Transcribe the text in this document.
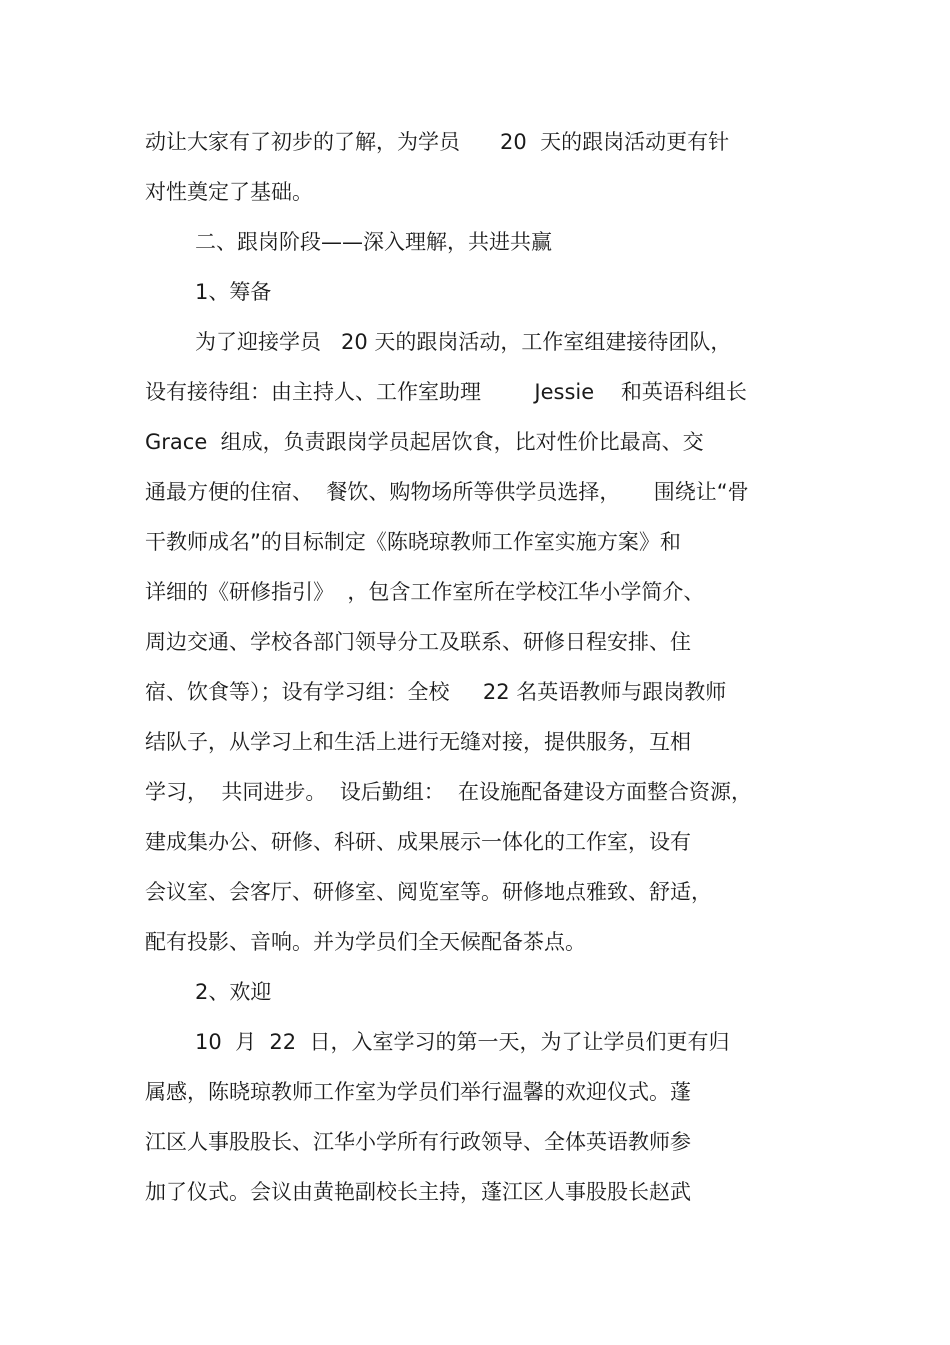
动让大家有了初步的了解，为学员      20  天的跟岗活动更有针
对性奠定了基础。
二、跟岗阶段——深入理解，共进共赢
1、筹备
为了迎接学员   20 天的跟岗活动，工作室组建接待团队，
设有接待组：由主持人、工作室助理        Jessie    和英语科组长
Grace  组成，负责跟岗学员起居饮食，比对性价比最高、交
通最方便的住宿、  餐饮、购物场所等供学员选择，     围绕让“骨
干教师成名”的目标制定《陈晓琼教师工作室实施方案》和
详细的《研修指引》  ，包含工作室所在学校江华小学简介、
周边交通、学校各部门领导分工及联系、研修日程安排、住
宿、饮食等）；设有学习组：全校     22 名英语教师与跟岗教师
结队子，从学习上和生活上进行无缝对接，提供服务，互相
学习，  共同进步。  设后勤组：  在设施配备建设方面整合资源，
建成集办公、研修、科研、成果展示一体化的工作室，设有
会议室、会客厅、研修室、阅览室等。研修地点雅致、舒适，
配有投影、音响。并为学员们全天候配备茶点。
2、欢迎
10  月  22  日，入室学习的第一天，为了让学员们更有归
属感，陈晓琼教师工作室为学员们举行温馨的欢迎仪式。蓬
江区人事股股长、江华小学所有行政领导、全体英语教师参
加了仪式。会议由黄艳副校长主持，蓬江区人事股股长赵武
